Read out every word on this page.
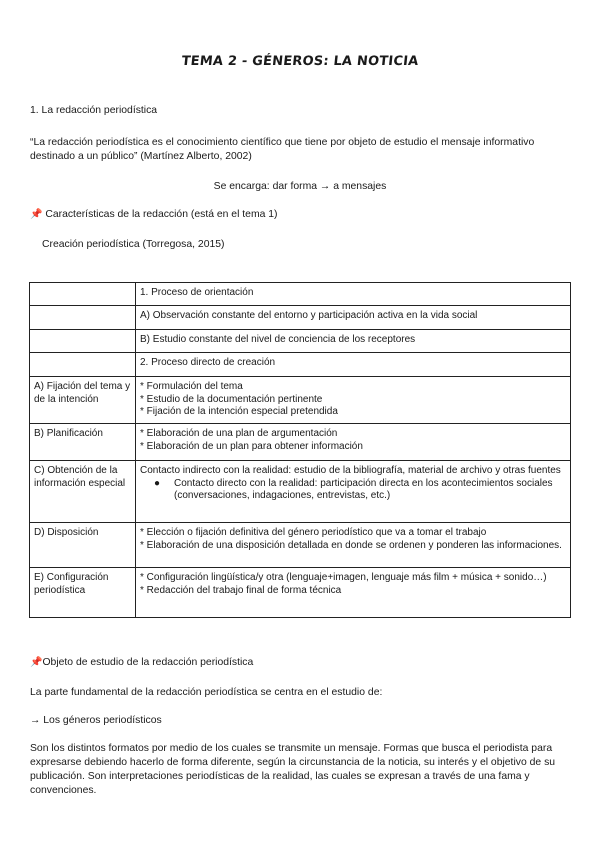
TEMA 2 - GÉNEROS: LA NOTICIA
1. La redacción periodística
“La redacción periodística es el conocimiento científico que tiene por objeto de estudio el mensaje informativo
destinado a un público” (Martínez Alberto, 2002)
Se encarga: dar forma → a mensajes
📌 Características de la redacción (está en el tema 1)
Creación periodística (Torregosa, 2015)

	1. Proceso de orientación

	A) Observación constante del entorno y participación activa en la vida social

	B) Estudio constante del nivel de conciencia de los receptores

	2. Proceso directo de creación

A) Fijación del tema y de la intención	* Formulación del tema
* Estudio de la documentación pertinente
* Fijación de la intención especial pretendida

B) Planificación	* Elaboración de una plan de argumentación
* Elaboración de un plan para obtener información

C) Obtención de la información especial	Contacto indirecto con la realidad: estudio de la bibliografía, material de archivo y otras fuentes
● Contacto directo con la realidad: participación directa en los acontecimientos sociales (conversaciones, indagaciones, entrevistas, etc.)

D) Disposición	* Elección o fijación definitiva del género periodístico que va a tomar el trabajo
* Elaboración de una disposición detallada en donde se ordenen y ponderen las informaciones.

E) Configuración periodística	* Configuración lingüística/y otra (lenguaje+imagen, lenguaje más film + música + sonido…)
* Redacción del trabajo final de forma técnica
📌Objeto de estudio de la redacción periodística
La parte fundamental de la redacción periodística se centra en el estudio de:
→ Los géneros periodísticos
Son los distintos formatos por medio de los cuales se transmite un mensaje. Formas que busca el periodista para expresarse debiendo hacerlo de forma diferente, según la circunstancia de la noticia, su interés y el objetivo de su publicación. Son interpretaciones periodísticas de la realidad, las cuales se expresan a través de una fama y convenciones.
